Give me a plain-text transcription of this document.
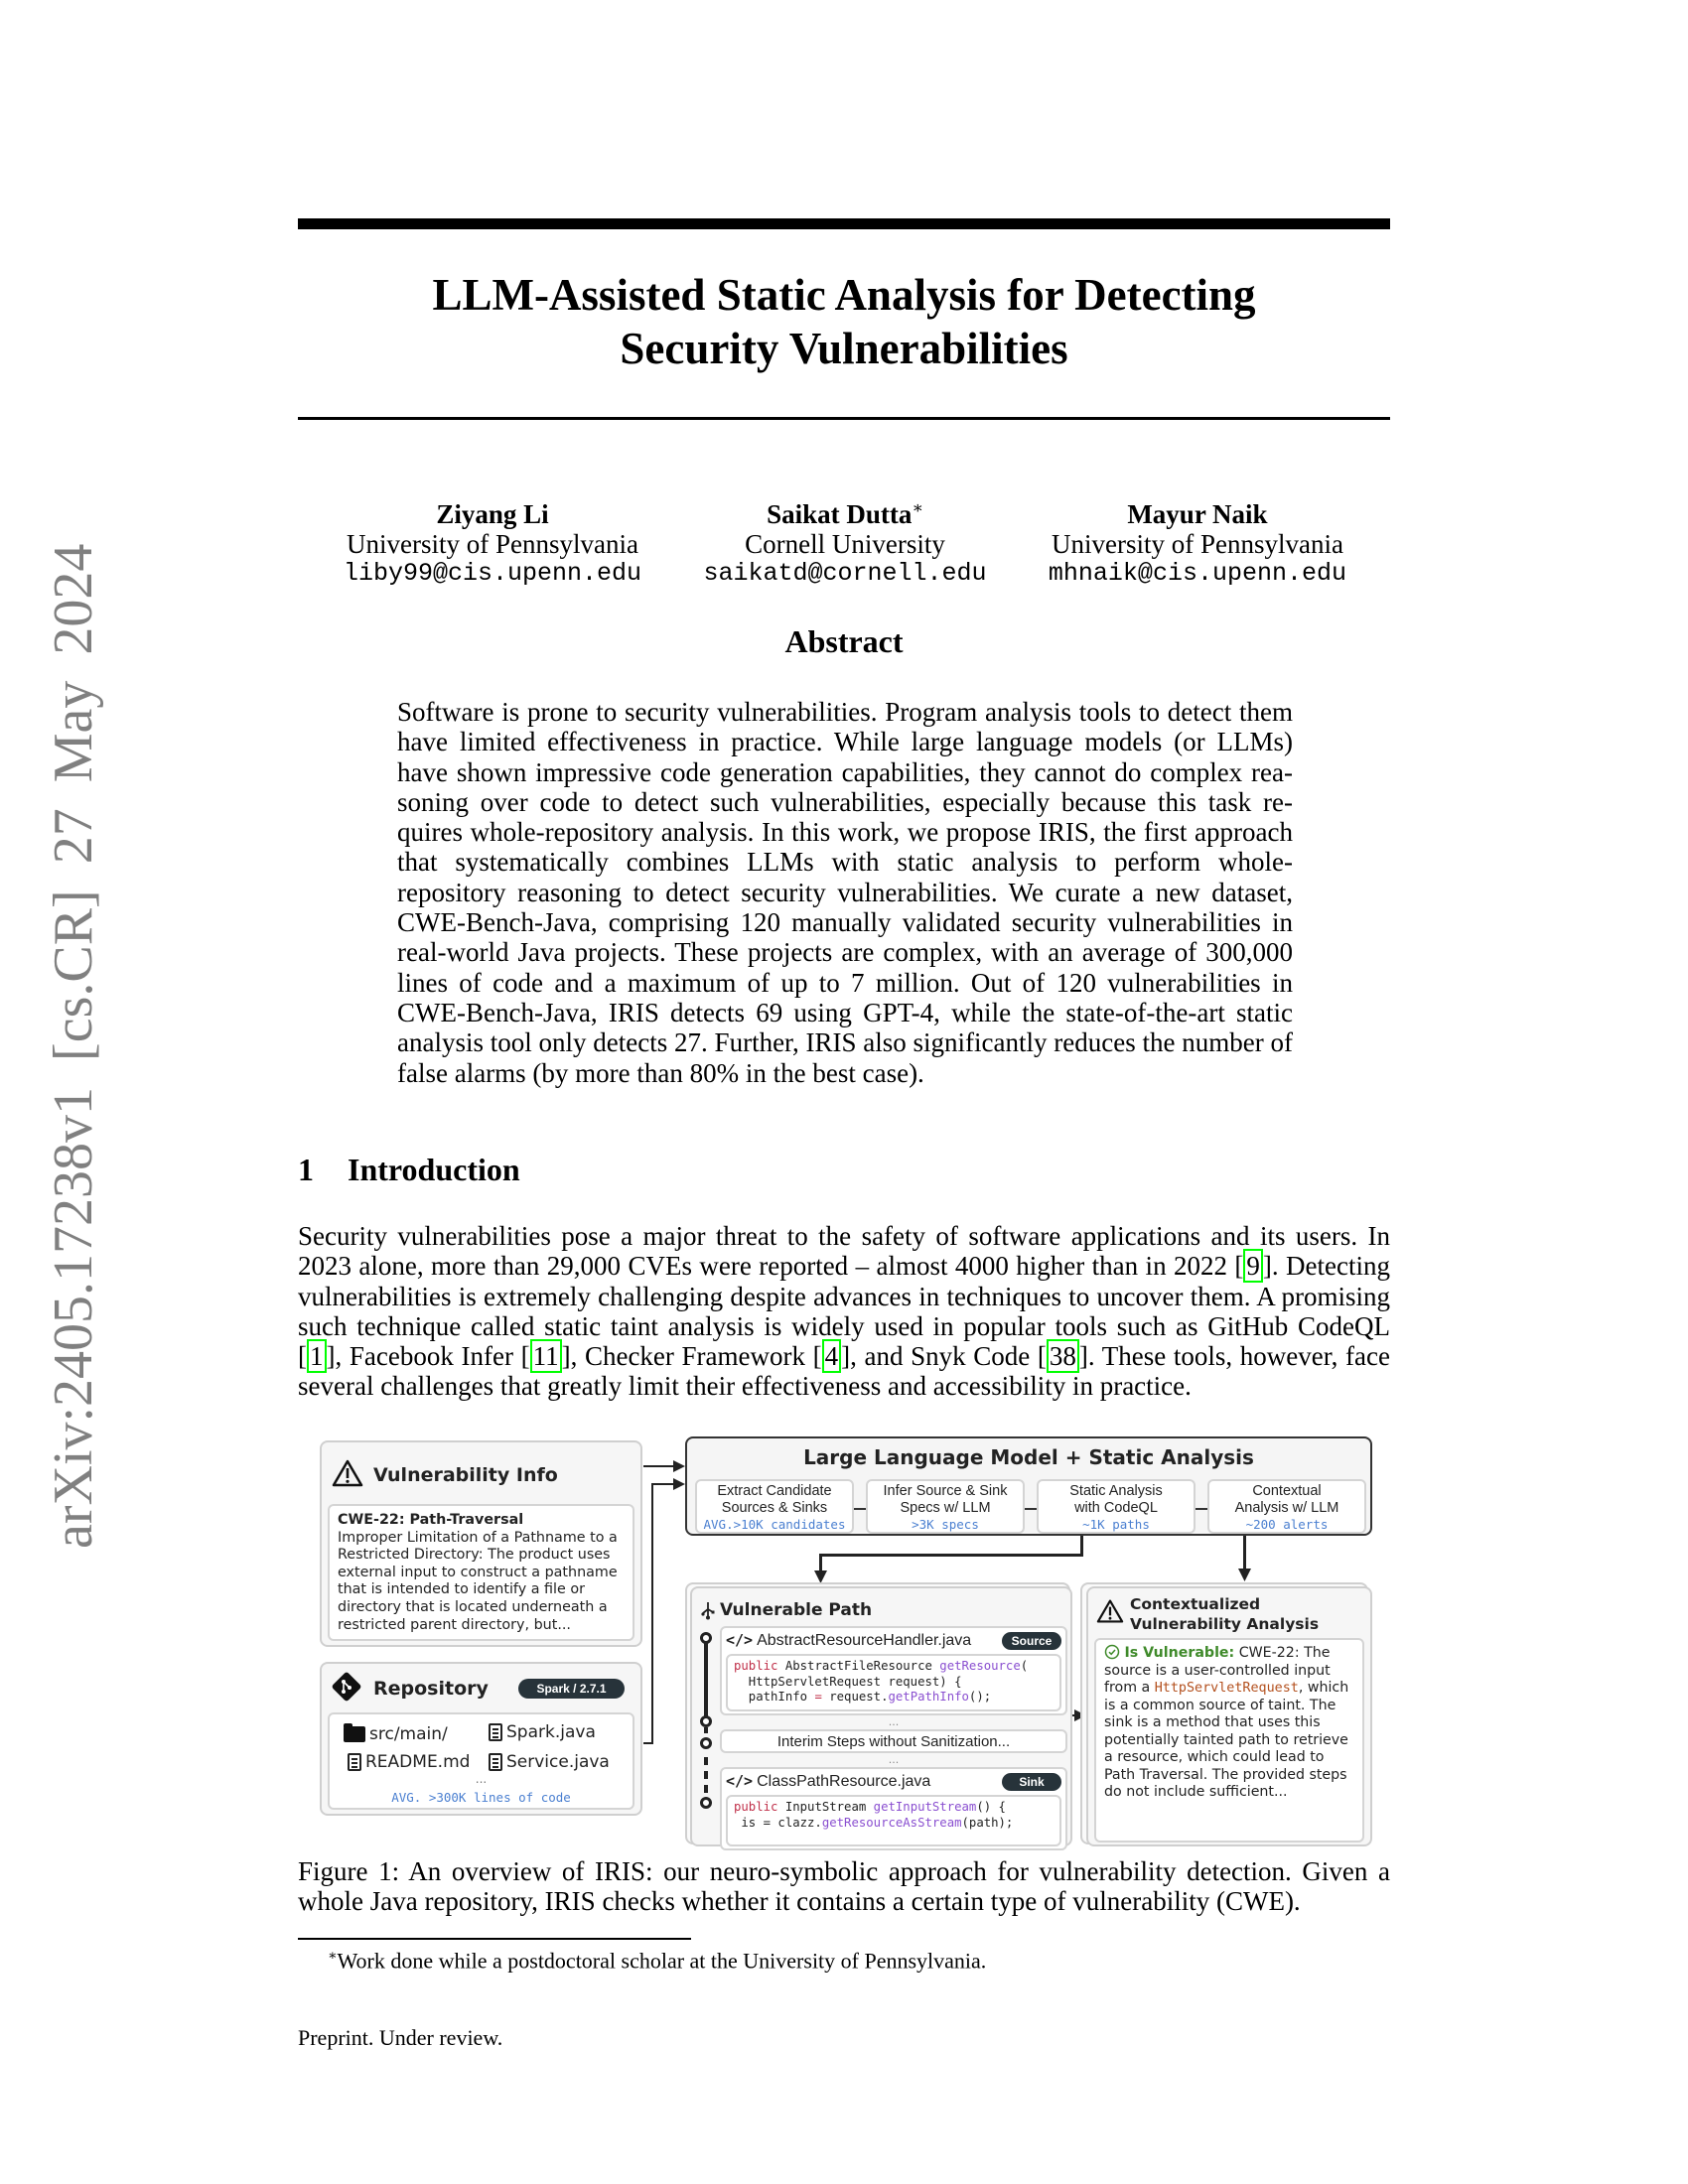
arXiv:2405.17238v1 [cs.CR] 27 May 2024
LLM-Assisted Static Analysis for Detecting
Security Vulnerabilities
Ziyang Li
University of Pennsylvania
liby99@cis.upenn.edu
Saikat Dutta∗
Cornell University
saikatd@cornell.edu
Mayur Naik
University of Pennsylvania
mhnaik@cis.upenn.edu
Abstract
Software is prone to security vulnerabilities. Program analysis tools to detect them have limited effectiveness in practice. While large language models (or LLMs) have shown impressive code generation capabilities, they cannot do complex reasoning over code to detect such vulnerabilities, especially because this task requires whole-repository analysis. In this work, we propose IRIS, the first approach that systematically combines LLMs with static analysis to perform whole-repository reasoning to detect security vulnerabilities. We curate a new dataset, CWE-Bench-Java, comprising 120 manually validated security vulnerabilities in real-world Java projects. These projects are complex, with an average of 300,000 lines of code and a maximum of up to 7 million. Out of 120 vulnerabilities in CWE-Bench-Java, IRIS detects 69 using GPT-4, while the state-of-the-art static analysis tool only detects 27. Further, IRIS also significantly reduces the number of false alarms (by more than 80% in the best case).
1 Introduction
Security vulnerabilities pose a major threat to the safety of software applications and its users. In 2023 alone, more than 29,000 CVEs were reported – almost 4000 higher than in 2022 [ 9 ]. Detecting vulnerabilities is extremely challenging despite advances in techniques to uncover them. A promising such technique called static taint analysis is widely used in popular tools such as GitHub CodeQL [ 1 ], Facebook Infer [ 11 ], Checker Framework [ 4 ], and Snyk Code [ 38 ]. These tools, however, face several challenges that greatly limit their effectiveness and accessibility in practice.
Vulnerability Info
CWE-22: Path-Traversal
Improper Limitation of a Pathname to a Restricted Directory: The product uses external input to construct a pathname that is intended to identify a file or directory that is located underneath a restricted parent directory, but...
Repository	Spark / 2.7.1
src/main/	Spark.java
README.md Service.java
...
AVG. >300K lines of code
Large Language Model + Static Analysis
Extract Candidate
Sources & Sinks
AVG.>10K candidates
Infer Source & Sink
Specs w/ LLM
>3K specs
Static Analysis
with CodeQL
~1K paths
Contextual
Analysis w/ LLM
~200 alerts
Vulnerable Path
</> AbstractResourceHandler.java	Source
public AbstractFileResource getResource(
HttpServletRequest request) {
pathInfo = request.getPathInfo();
...
Interim Steps without Sanitization...
...
</> ClassPathResource.java	Sink
public InputStream getInputStream() {
is = clazz.getResourceAsStream(path);
Contextualized
Vulnerability Analysis
Is Vulnerable: CWE-22: The source is a user-controlled input from a HttpServletRequest, which is a common source of taint. The sink is a method that uses this potentially tainted path to retrieve a resource, which could lead to Path Traversal. The provided steps do not include sufficient...
Figure 1: An overview of IRIS: our neuro-symbolic approach for vulnerability detection. Given a whole Java repository, IRIS checks whether it contains a certain type of vulnerability (CWE).
∗Work done while a postdoctoral scholar at the University of Pennsylvania.
Preprint. Under review.
